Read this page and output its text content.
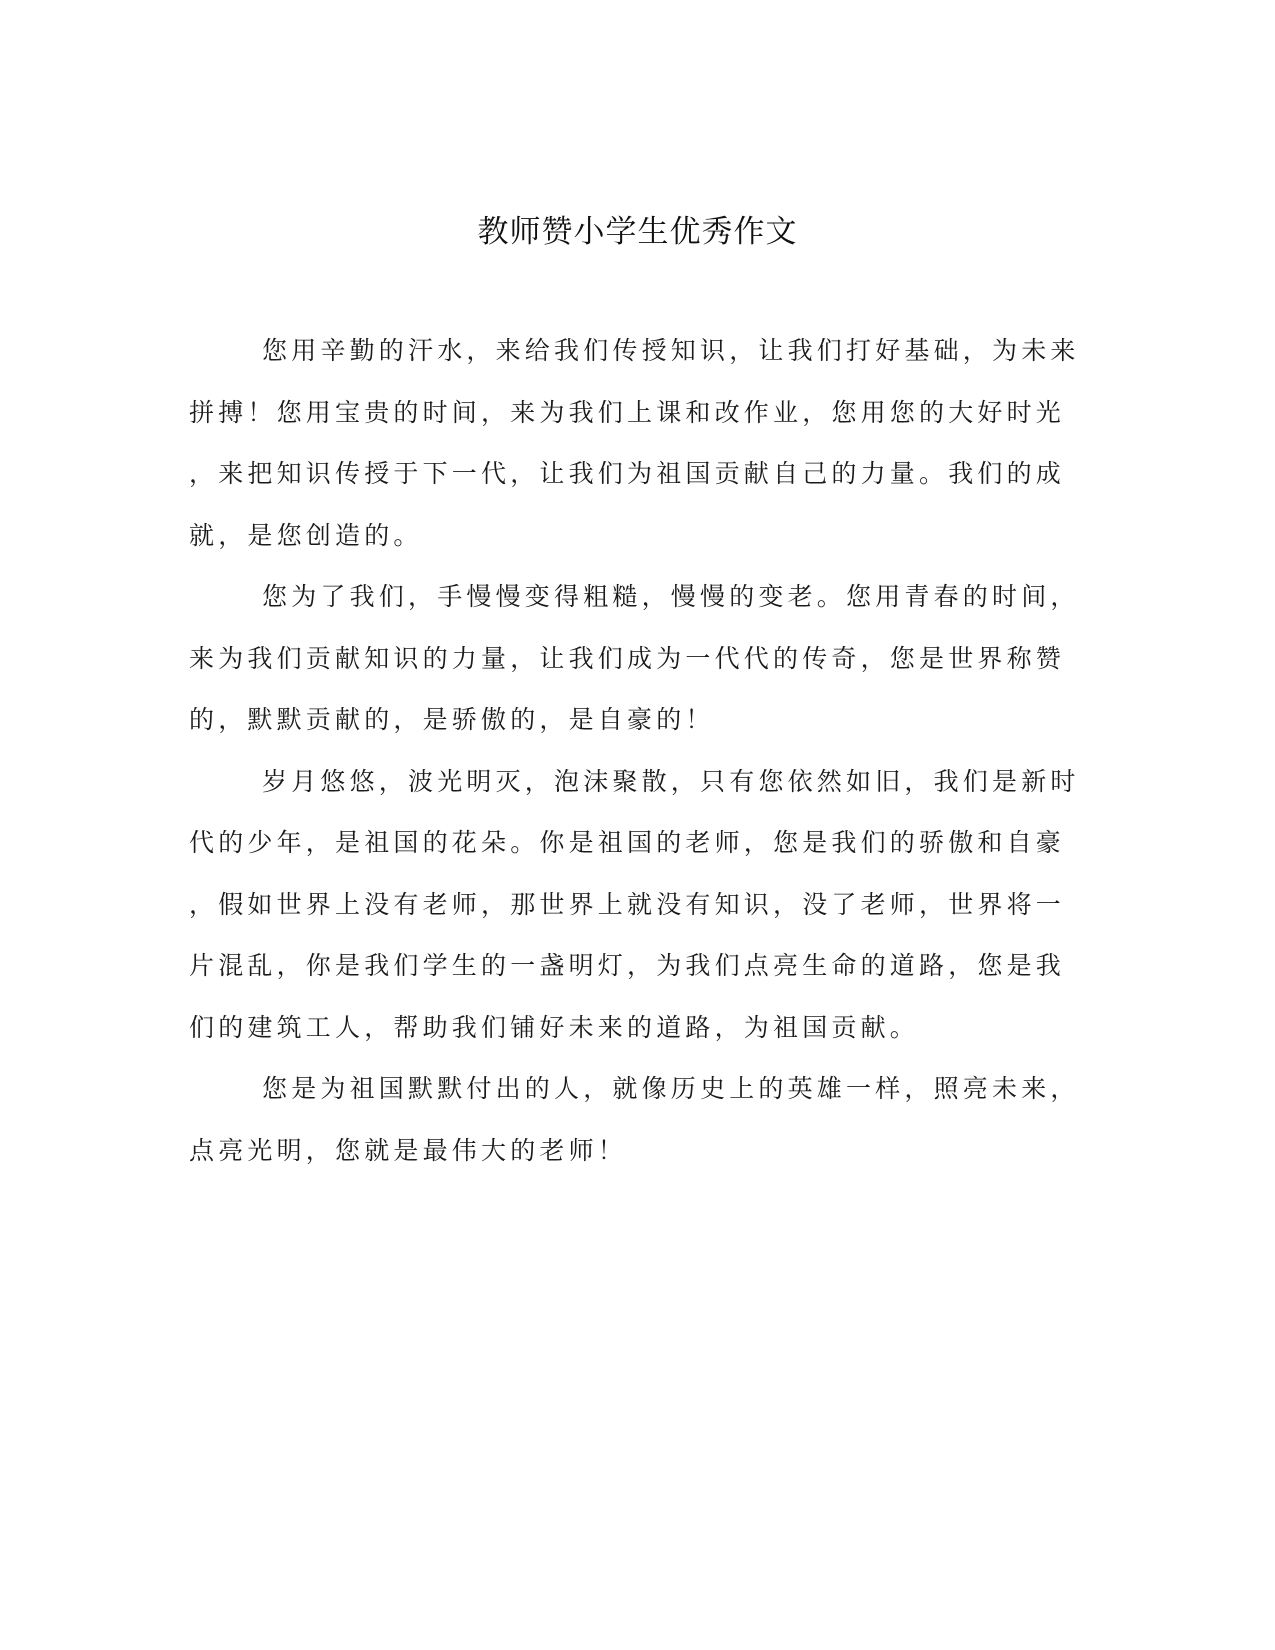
教师赞小学生优秀作文
您用辛勤的汗水，来给我们传授知识，让我们打好基础，为未来
拼搏！您用宝贵的时间，来为我们上课和改作业，您用您的大好时光
，来把知识传授于下一代，让我们为祖国贡献自己的力量。我们的成
就，是您创造的。
您为了我们，手慢慢变得粗糙，慢慢的变老。您用青春的时间，
来为我们贡献知识的力量，让我们成为一代代的传奇，您是世界称赞
的，默默贡献的，是骄傲的，是自豪的！
岁月悠悠，波光明灭，泡沫聚散，只有您依然如旧，我们是新时
代的少年，是祖国的花朵。你是祖国的老师，您是我们的骄傲和自豪
，假如世界上没有老师，那世界上就没有知识，没了老师，世界将一
片混乱，你是我们学生的一盏明灯，为我们点亮生命的道路，您是我
们的建筑工人，帮助我们铺好未来的道路，为祖国贡献。
您是为祖国默默付出的人，就像历史上的英雄一样，照亮未来，
点亮光明，您就是最伟大的老师！
